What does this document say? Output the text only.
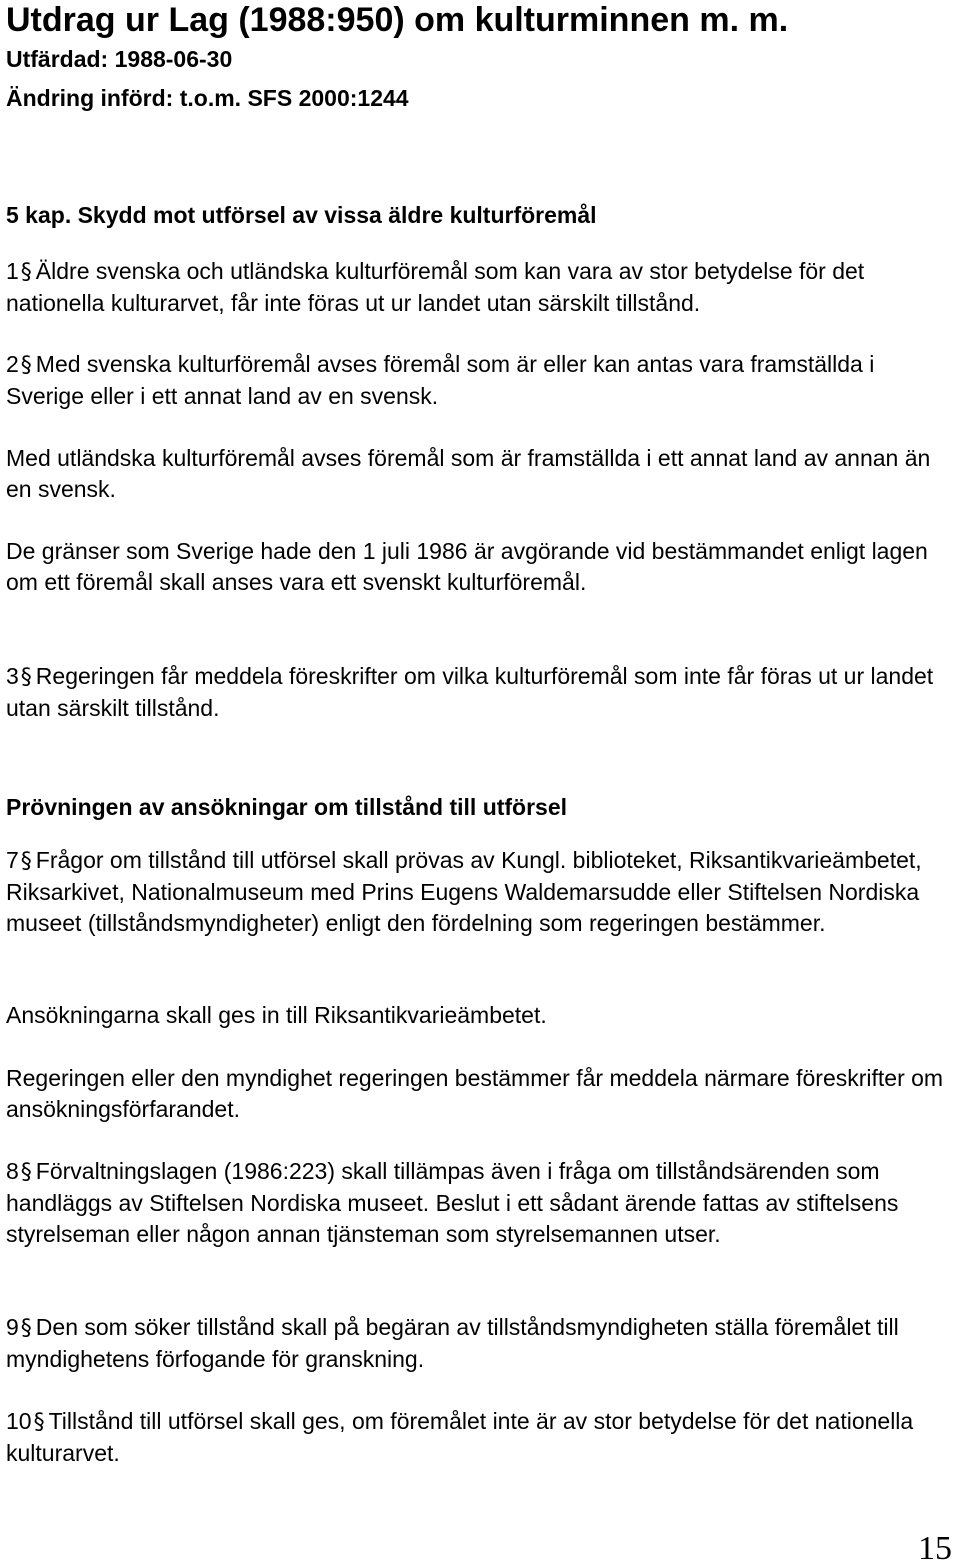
Utdrag ur Lag (1988:950) om kulturminnen m. m.
Utfärdad: 1988-06-30
Ändring införd: t.o.m. SFS 2000:1244
5 kap. Skydd mot utförsel av vissa äldre kulturföremål
1§ Äldre svenska och utländska kulturföremål som kan vara av stor betydelse för det nationella kulturarvet, får inte föras ut ur landet utan särskilt tillstånd.
2§ Med svenska kulturföremål avses föremål som är eller kan antas vara framställda i Sverige eller i ett annat land av en svensk.
Med utländska kulturföremål avses föremål som är framställda i ett annat land av annan än en svensk.
De gränser som Sverige hade den 1 juli 1986 är avgörande vid bestämmandet enligt lagen om ett föremål skall anses vara ett svenskt kulturföremål.
3§ Regeringen får meddela föreskrifter om vilka kulturföremål som inte får föras ut ur landet utan särskilt tillstånd.
Prövningen av ansökningar om tillstånd till utförsel
7§ Frågor om tillstånd till utförsel skall prövas av Kungl. biblioteket, Riksantikvarieämbetet, Riksarkivet, Nationalmuseum med Prins Eugens Waldemarsudde eller Stiftelsen Nordiska museet (tillståndsmyndigheter) enligt den fördelning som regeringen bestämmer.
Ansökningarna skall ges in till Riksantikvarieämbetet.
Regeringen eller den myndighet regeringen bestämmer får meddela närmare föreskrifter om ansökningsförfarandet.
8§ Förvaltningslagen (1986:223) skall tillämpas även i fråga om tillståndsärenden som handläggs av Stiftelsen Nordiska museet. Beslut i ett sådant ärende fattas av stiftelsens styrelseman eller någon annan tjänsteman som styrelsemannen utser.
9§ Den som söker tillstånd skall på begäran av tillståndsmyndigheten ställa föremålet till myndighetens förfogande för granskning.
10§ Tillstånd till utförsel skall ges, om föremålet inte är av stor betydelse för det nationella kulturarvet.
15
